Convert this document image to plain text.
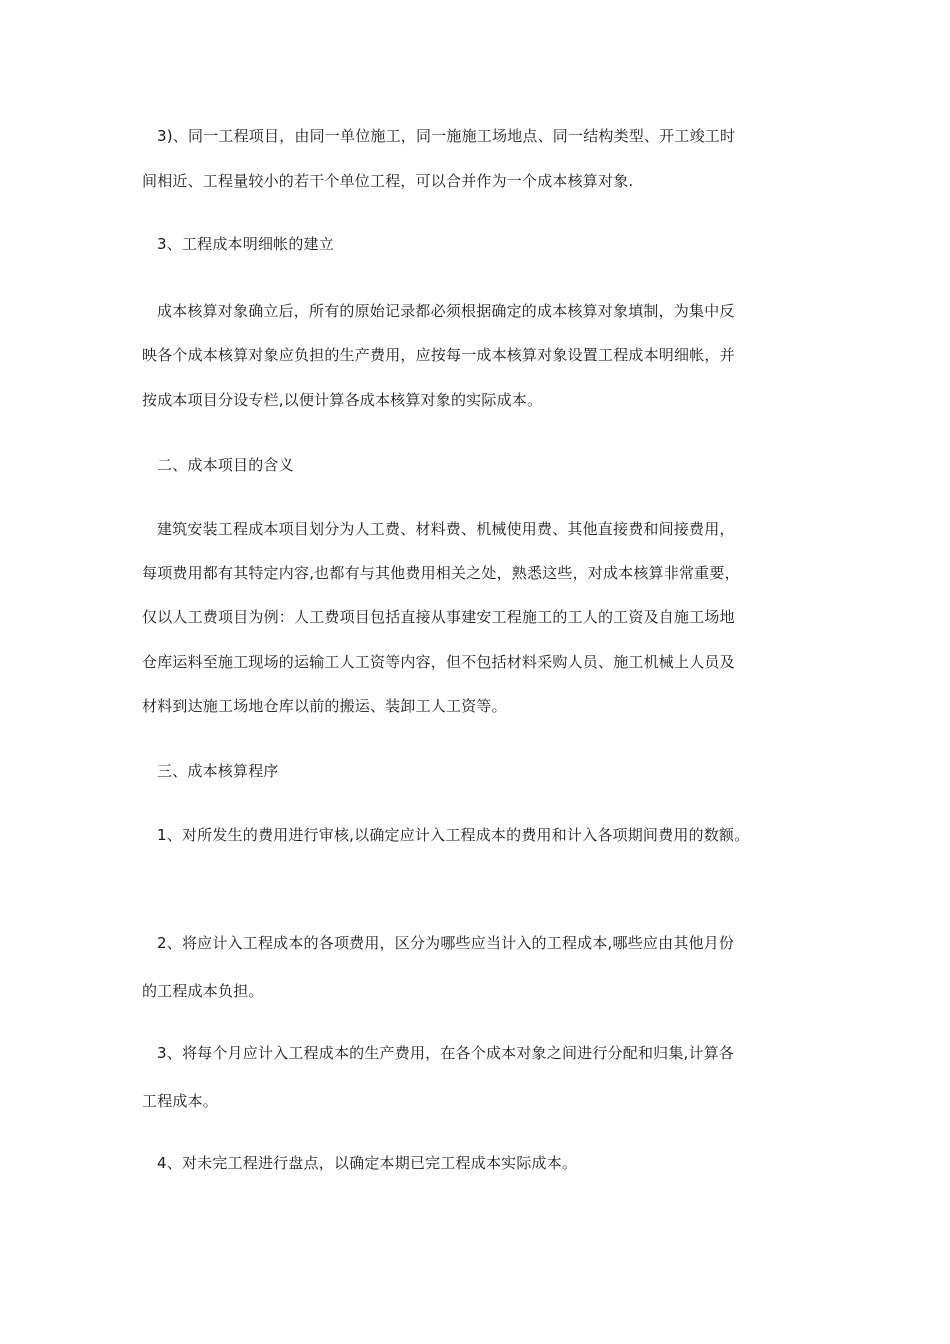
3)、同一工程项目，由同一单位施工，同一施施工场地点、同一结构类型、开工竣工时
间相近、工程量较小的若干个单位工程，可以合并作为一个成本核算对象.
3、工程成本明细帐的建立
成本核算对象确立后，所有的原始记录都必须根据确定的成本核算对象填制，为集中反
映各个成本核算对象应负担的生产费用，应按每一成本核算对象设置工程成本明细帐，并
按成本项目分设专栏,以便计算各成本核算对象的实际成本。
二、成本项目的含义
建筑安装工程成本项目划分为人工费、材料费、机械使用费、其他直接费和间接费用，
每项费用都有其特定内容,也都有与其他费用相关之处，熟悉这些，对成本核算非常重要，
仅以人工费项目为例：人工费项目包括直接从事建安工程施工的工人的工资及自施工场地
仓库运料至施工现场的运输工人工资等内容，但不包括材料采购人员、施工机械上人员及
材料到达施工场地仓库以前的搬运、装卸工人工资等。
三、成本核算程序
1、对所发生的费用进行审核,以确定应计入工程成本的费用和计入各项期间费用的数额。
2、将应计入工程成本的各项费用，区分为哪些应当计入的工程成本,哪些应由其他月份
的工程成本负担。
3、将每个月应计入工程成本的生产费用，在各个成本对象之间进行分配和归集,计算各
工程成本。
4、对未完工程进行盘点，以确定本期已完工程成本实际成本。
